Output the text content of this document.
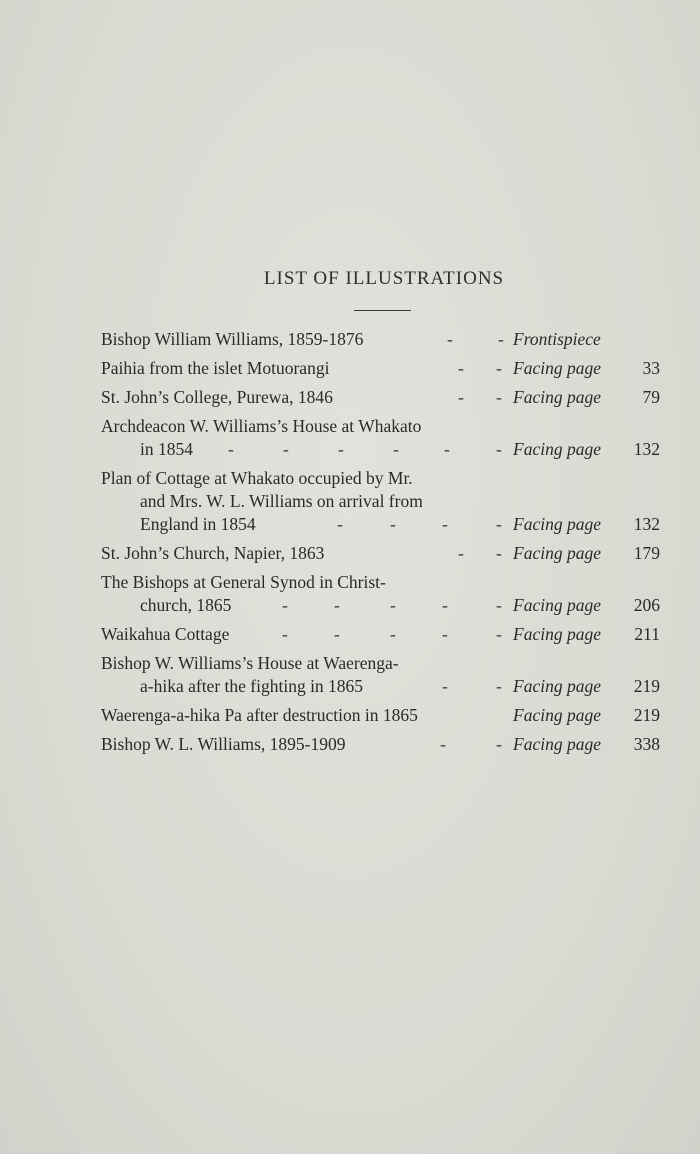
LIST OF ILLUSTRATIONS
Bishop William Williams, 1859-1876	-	- Frontispiece
Paihia from the islet Motuorangi	- - Facing page	33
St. John’s College, Purewa, 1846	- - Facing page	79
Archdeacon W. Williams’s House at Whakato
in 1854 -	-	-	-	-	- Facing page	132
Plan of Cottage at Whakato occupied by Mr.
and Mrs. W. L. Williams on arrival from
England in 1854	-	-	-	- Facing page	132
St. John’s Church, Napier, 1863	- - Facing page	179
The Bishops at General Synod in Christ-
church, 1865	-	-	-	-	- Facing page	206
Waikahua Cottage	-	-	-	-	- Facing page	211
Bishop W. Williams’s House at Waerenga-
a-hika after the fighting in 1865	-	- Facing page	219
Waerenga-a-hika Pa after destruction in 1865	Facing page	219
Bishop W. L. Williams, 1895-1909	-	- Facing page	338
